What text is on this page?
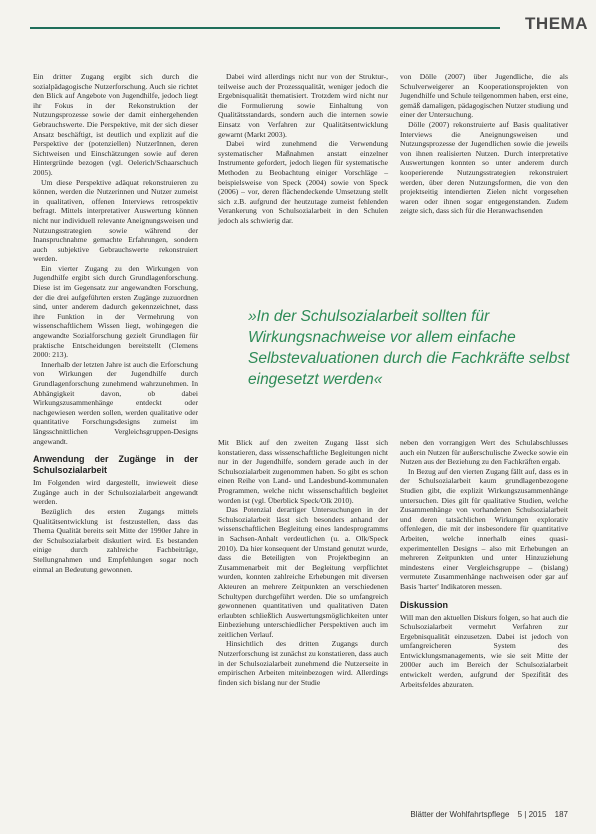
THEMA

Ein dritter Zugang ergibt sich durch die sozialpädagogische Nutzerforschung. Auch sie richtet den Blick auf Angebote von Jugendhilfe, jedoch liegt ihr Fokus in der Rekonstruktion der Nutzungsprozesse sowie der damit einhergehenden Gebrauchswerte. Die Perspektive, mit der sich dieser Ansatz beschäftigt, ist deutlich und explizit auf die Perspektive der (potenziellen) NutzerInnen, deren Sichtweisen und Einschätzungen sowie auf deren Hintergründe bezogen (vgl. Oelerich/Schaarschuch 2005).

Um diese Perspektive adäquat rekonstruieren zu können, werden die Nutzerinnen und Nutzer zumeist in qualitativen, offenen Interviews retrospektiv befragt. Mittels interpretativer Auswertung können nicht nur individuell relevante Aneignungsweisen und Nutzungsstrategien sowie während der Inanspruchnahme gemachte Erfahrungen, sondern auch subjektive Gebrauchswerte rekonstruiert werden.

Ein vierter Zugang zu den Wirkungen von Jugendhilfe ergibt sich durch Grundlagenforschung. Diese ist im Gegensatz zur angewandten Forschung, der die drei aufgeführten ersten Zugänge zuzuordnen sind, unter anderem dadurch gekennzeichnet, dass ihre Funktion in der Vermehrung von wissenschaftlichem Wissen liegt, wohingegen die angewandte Sozialforschung gezielt Grundlagen für praktische Entscheidungen bereitstellt (Clemens 2000: 213).

Innerhalb der letzten Jahre ist auch die Erforschung von Wirkungen der Jugendhilfe durch Grundlagenforschung zunehmend wahrzunehmen. In Abhängigkeit davon, ob dabei Wirkungszusammenhänge entdeckt oder nachgewiesen werden sollen, werden qualitative oder quantitative Forschungsdesigns zumeist im längsschnittlichen Vergleichsgruppen-Designs angewandt.

Anwendung der Zugänge in der Schulsozialarbeit

Im Folgenden wird dargestellt, inwieweit diese Zugänge auch in der Schulsozialarbeit angewandt werden.

Bezüglich des ersten Zugangs mittels Qualitätsentwicklung ist festzustellen, dass das Thema Qualität bereits seit Mitte der 1990er Jahre in der Schulsozialarbeit diskutiert wird. Es bestanden einige durch zahlreiche Fachbeiträge, Stellungnahmen und Empfehlungen sogar noch einmal an Bedeutung gewonnen.

Dabei wird allerdings nicht nur von der Struktur-, teilweise auch der Prozessqualität, weniger jedoch die Ergebnisqualität thematisiert. Trotzdem wird nicht nur die Formulierung sowie Einhaltung von Qualitätsstandards, sondern auch die internen sowie Einsatz von Verfahren zur Qualitätsentwicklung gewarnt (Markt 2003).

Dabei wird zunehmend die Verwendung systematischer Maßnahmen anstatt einzelner Instrumente gefordert, jedoch liegen für systematische Methoden zu Beobachtung einiger Vorschläge – beispielsweise von Speck (2004) sowie von Speck (2006) – vor, deren flächendeckende Umsetzung stellt sich z.B. aufgrund der heutzutage zumeist fehlenden Verankerung von Schulsozialarbeit in den Schulen jedoch als schwierig dar.

von Dölle (2007) über Jugendliche, die als Schulverweigerer an Kooperationsprojekten von Jugendhilfe und Schule teilgenommen haben, erst eine, gemäß damaligen, pädagogischen Nutzer studiung und einer der Untersuchung.

Dölle (2007) rekonstruierte auf Basis qualitativer Interviews die Aneignungsweisen und Nutzungsprozesse der Jugendlichen sowie die jeweils von ihnen realisierten Nutzen. Durch interpretative Auswertungen konnten so unter anderem durch kooperierende Nutzungsstrategien rekonstruiert werden, über deren Nutzungsformen, die von den projektseitig intendierten Zielen nicht vorgesehen waren oder ihnen sogar entgegenstanden. Zudem zeigte sich, dass sich für die Heranwachsenden

»In der Schulsozialarbeit sollten für Wirkungsnachweise vor allem einfache Selbstevaluationen durch die Fachkräfte selbst eingesetzt werden«

Mit Blick auf den zweiten Zugang lässt sich konstatieren, dass wissenschaftliche Begleitungen nicht nur in der Jugendhilfe, sondern gerade auch in der Schulsozialarbeit zugenommen haben. So gibt es schon einen Reihe von Land- und Landesbund-kommunalen Programmen, welche nicht wissenschaftlich begleitet worden ist (vgl. Überblick Speck/Olk 2010).

Das Potenzial derartiger Untersuchungen in der Schulsozialarbeit lässt sich besonders anhand der wissenschaftlichen Begleitung eines landesprogramms in Sachsen-Anhalt verdeutlichen (u. a. Olk/Speck 2010). Da hier konsequent der Umstand genutzt wurde, dass die Beteiligten von Projektbeginn an Zusammenarbeit mit der Begleitung verpflichtet wurden, konnten zahlreiche Erhebungen mit diversen Akteuren an mehrere Zeitpunkten an verschiedenen Schultypen durchgeführt werden. Die so umfangreich gewonnenen quantitativen und qualitativen Daten erlaubten schließlich Auswertungsmöglichkeiten unter Einbeziehung unterschiedlicher Perspektiven auch im zeitlichen Verlauf.

Hinsichtlich des dritten Zugangs durch Nutzerforschung ist zunächst zu konstatieren, dass auch in der Schulsozialarbeit zunehmend die Nutzerseite in empirischen Arbeiten miteinbezogen wird. Allerdings finden sich bislang nur der Studie

neben den vorrangigen Wert des Schulabschlusses auch ein Nutzen für außerschulische Zwecke sowie ein Nutzen aus der Beziehung zu den Fachkräften ergab.

In Bezug auf den vierten Zugang fällt auf, dass es in der Schulsozialarbeit kaum grundlagenbezogene Studien gibt, die explizit Wirkungszusammenhänge untersuchen. Dies gilt für qualitative Studien, welche Zusammenhänge von vorhandenen Schulsozialarbeit und deren tatsächlichen Wirkungen explorativ offenlegen, die mit der insbesondere für quantitative Arbeiten, welche innerhalb eines quasi-experimentellen Designs – also mit Erhebungen an mehreren Zeitpunkten und unter Hinzuziehung mindestens einer Vergleichsgruppe – (bislang) vermutete Zusammenhänge nachweisen oder gar auf Basis 'harter' Indikatoren messen.

Diskussion

Will man den aktuellen Diskurs folgen, so hat auch die Schulsozialarbeit vermehrt Verfahren zur Ergebnisqualität einzusetzen. Dabei ist jedoch von umfangreicheren System des Entwicklungsmanagements, wie sie seit Mitte der 2000er auch im Bereich der Schulsozialarbeit entwickelt werden, aufgrund der Spezifität des Arbeitsfeldes abzuraten.

Blätter der Wohlfahrtspflege 5 | 2015 187
